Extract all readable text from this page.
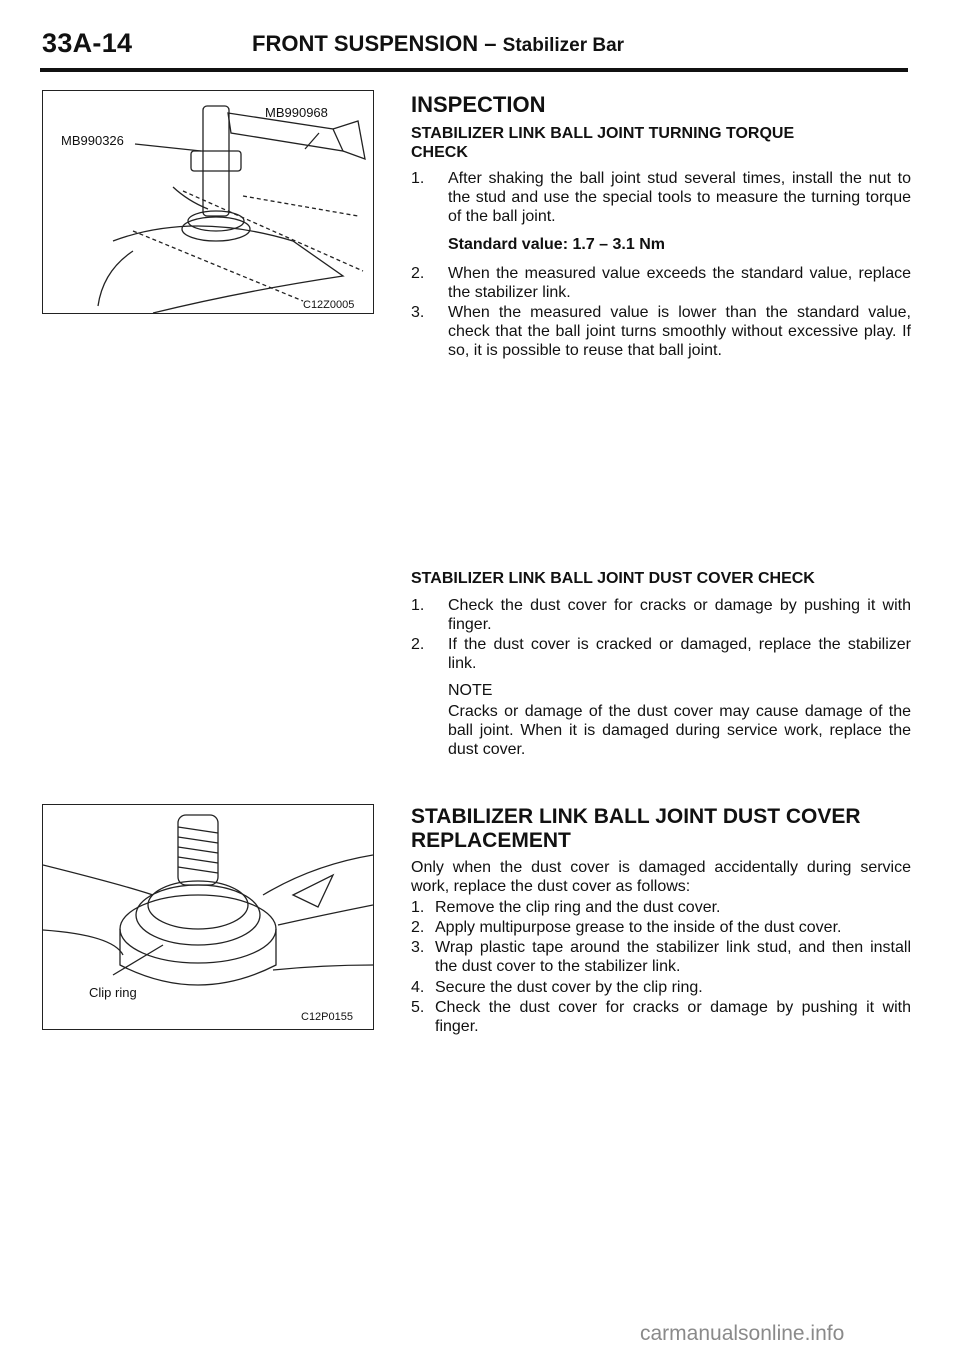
33A-14	FRONT SUSPENSION – Stabilizer Bar
MB990968
MB990326
C12Z0005
Clip ring
C12P0155
INSPECTION
STABILIZER LINK BALL JOINT TURNING TORQUE
CHECK
1.	After shaking the ball joint stud several times, install the nut to the stud and use the special tools to measure the turning torque of the ball joint.
Standard value: 1.7 – 3.1 Nm
2.	When the measured value exceeds the standard value, replace the stabilizer link.
3.	When the measured value is lower than the standard value, check that the ball joint turns smoothly without excessive play. If so, it is possible to reuse that ball joint.
STABILIZER LINK BALL JOINT DUST COVER CHECK
1.	Check the dust cover for cracks or damage by pushing it with finger.
2.	If the dust cover is cracked or damaged, replace the stabilizer link.
NOTE
Cracks or damage of the dust cover may cause damage of the ball joint. When it is damaged during service work, replace the dust cover.
STABILIZER LINK BALL JOINT DUST COVER
REPLACEMENT
Only when the dust cover is damaged accidentally during service work, replace the dust cover as follows:
1. Remove the clip ring and the dust cover.
2. Apply multipurpose grease to the inside of the dust cover.
3. Wrap plastic tape around the stabilizer link stud, and then install the dust cover to the stabilizer link.
4. Secure the dust cover by the clip ring.
5. Check the dust cover for cracks or damage by pushing it with finger.
carmanualsonline.info
